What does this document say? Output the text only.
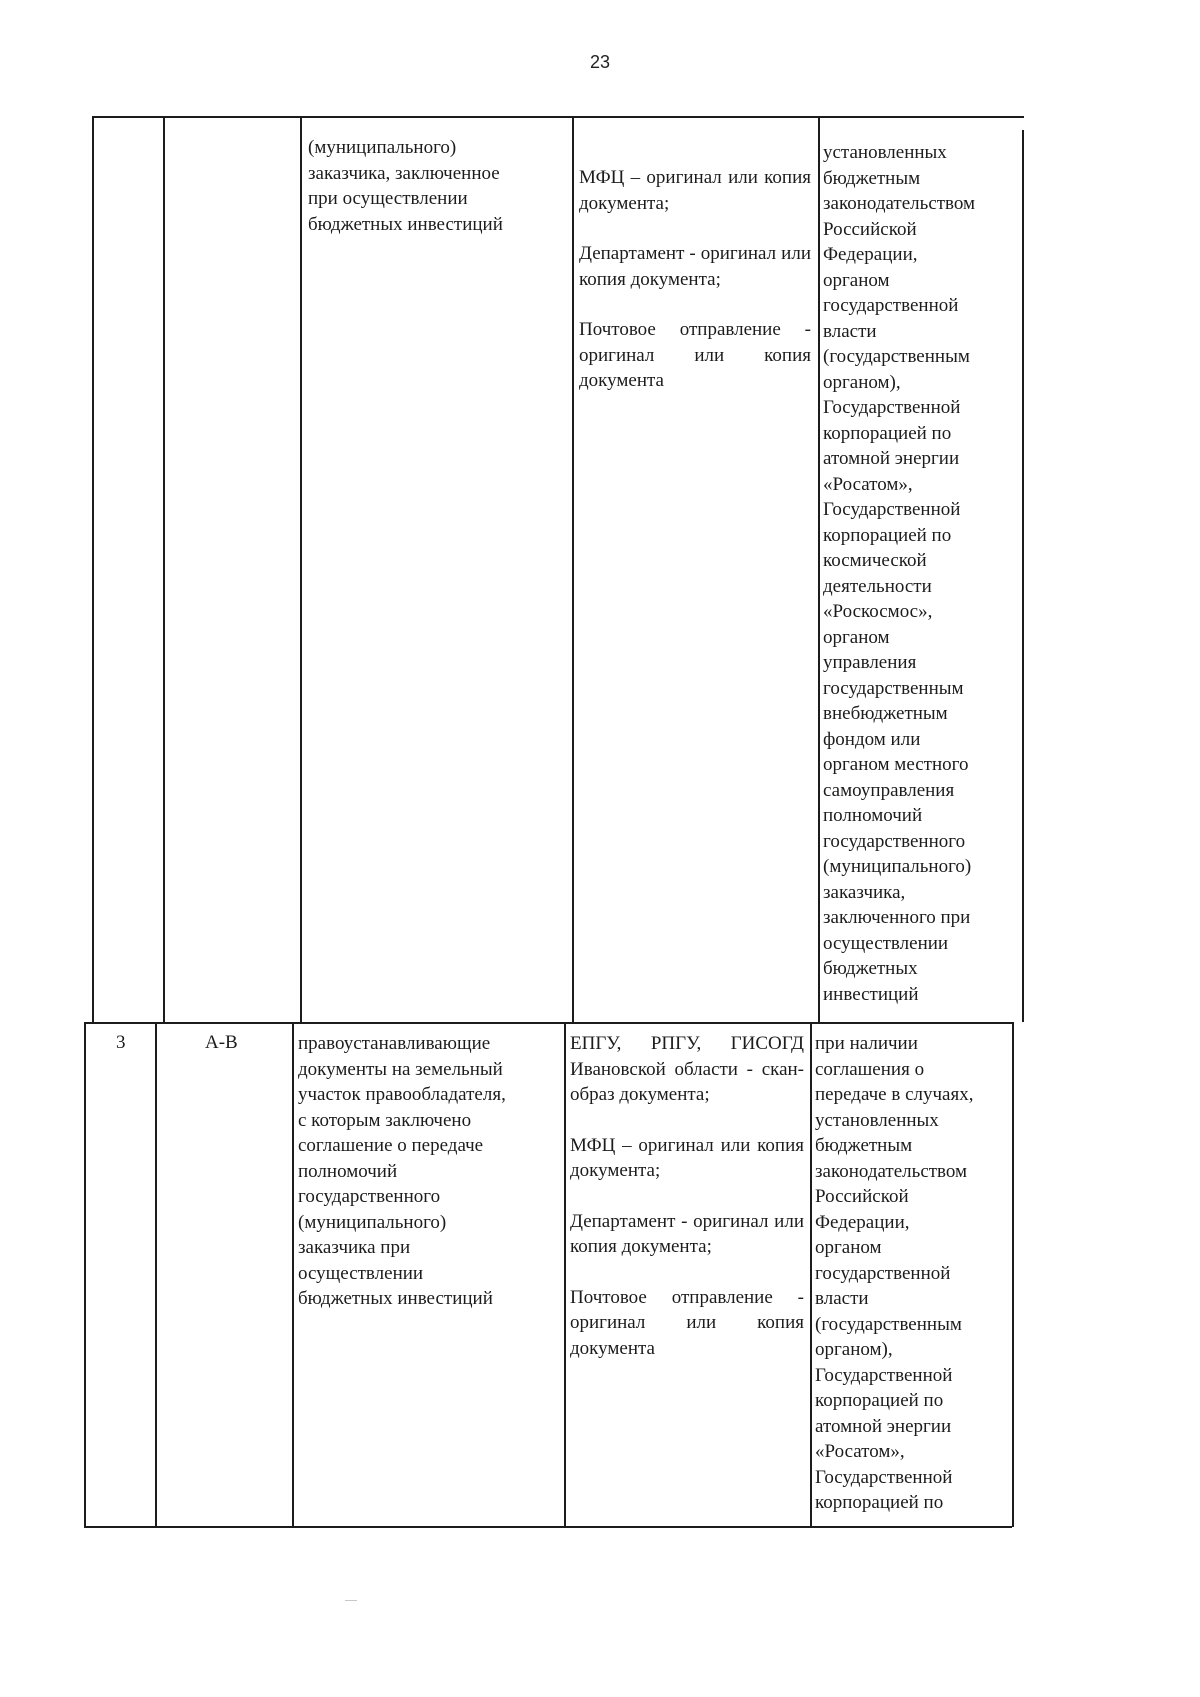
23
(муниципального)
заказчика, заключенное
при осуществлении
бюджетных инвестиций

МФЦ – оригинал или копия документа;

Департамент - оригинал или копия документа;

Почтовое отправление - оригинал или копия документа

установленных
бюджетным
законодательством
Российской
Федерации,
органом
государственной
власти
(государственным
органом),
Государственной
корпорацией по
атомной энергии
«Росатом»,
Государственной
корпорацией по
космической
деятельности
«Роскосмос»,
органом
управления
государственным
внебюджетным
фондом или
органом местного
самоуправления
полномочий
государственного
(муниципального)
заказчика,
заключенного при
осуществлении
бюджетных
инвестиций
3	А-В	правоустанавливающие
документы на земельный
участок правообладателя,
с которым заключено
соглашение о передаче
полномочий
государственного
(муниципального)
заказчика при
осуществлении
бюджетных инвестиций

ЕПГУ, РПГУ, ГИСОГД Ивановской области - скан-образ документа;

МФЦ – оригинал или копия документа;

Департамент - оригинал или копия документа;

Почтовое отправление - оригинал или копия документа

при наличии
соглашения о
передаче в случаях,
установленных
бюджетным
законодательством
Российской
Федерации,
органом
государственной
власти
(государственным
органом),
Государственной
корпорацией по
атомной энергии
«Росатом»,
Государственной
корпорацией по
